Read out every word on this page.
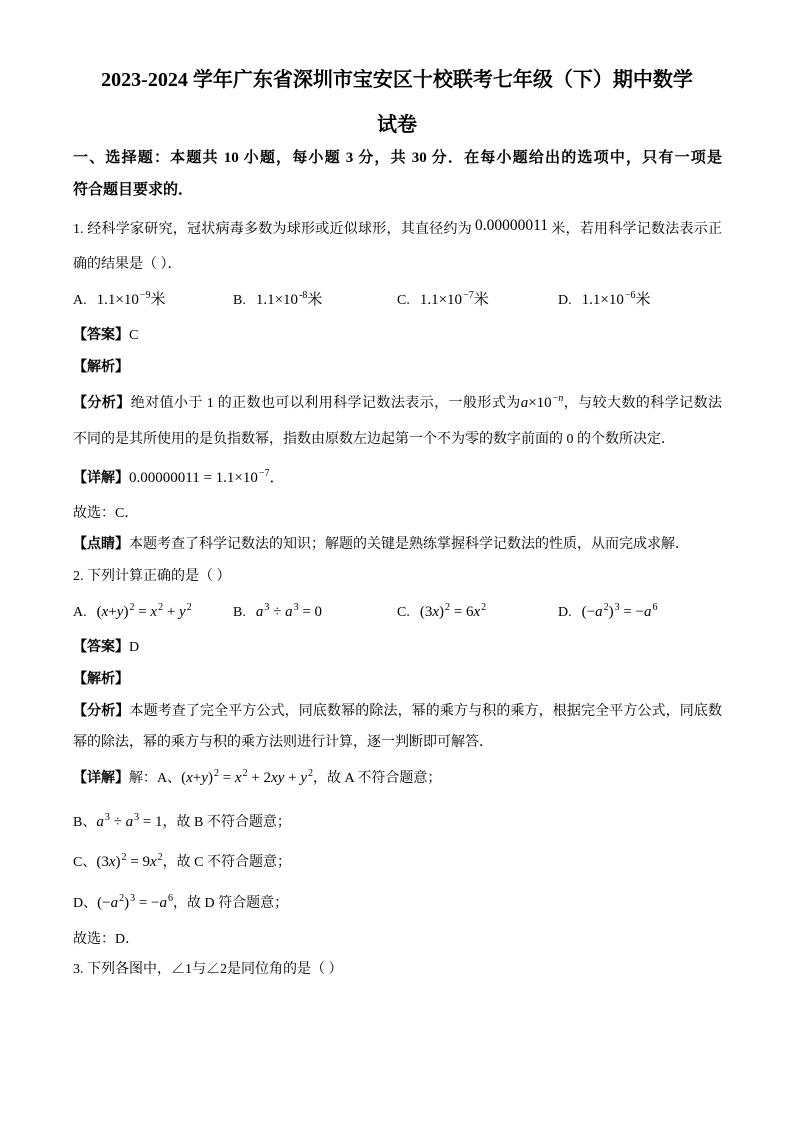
2023-2024 学年广东省深圳市宝安区十校联考七年级（下）期中数学
试卷
一、选择题：本题共 10 小题，每小题 3 分，共 30 分．在每小题给出的选项中，只有一项是
符合题目要求的．
1. 经科学家研究，冠状病毒多数为球形或近似球形，其直径约为 0.00000011 米，若用科学记数法表示正
确的结果是（ ）．
A. $1.1\times 10^{-9}$米	B. $1.1\times 10^{-8}$米	C. $1.1\times 10^{-7}$米	D. $1.1\times 10^{-6}$米
【答案】C
【解析】
【分析】绝对值小于 1 的正数也可以利用科学记数法表示，一般形式为$a\times 10^{-n}$，与较大数的科学记数法
不同的是其所使用的是负指数幂，指数由原数左边起第一个不为零的数字前面的 0 的个数所决定．
【详解】$0.00000011 = 1.1\times 10^{-7}$．
故选：C．
【点睛】本题考查了科学记数法的知识；解题的关键是熟练掌握科学记数法的性质，从而完成求解．
2. 下列计算正确的是（ ）
A. $(x+y)^2 = x^2 + y^2$	B. $a^3 \div a^3 = 0$	C. $(3x)^2 = 6x^2$	D. $(-a^2)^3 = -a^6$
【答案】D
【解析】
【分析】本题考查了完全平方公式，同底数幂的除法，幂的乘方与积的乘方，根据完全平方公式，同底数
幂的除法，幂的乘方与积的乘方法则进行计算，逐一判断即可解答．
【详解】解：A、$(x+y)^2 = x^2 + 2xy + y^2$，故 A 不符合题意；
B、$a^3 \div a^3 = 1$，故 B 不符合题意；
C、$(3x)^2 = 9x^2$，故 C 不符合题意；
D、$(-a^2)^3 = -a^6$，故 D 符合题意；
故选：D．
3. 下列各图中，∠1与∠2是同位角的是（ ）
